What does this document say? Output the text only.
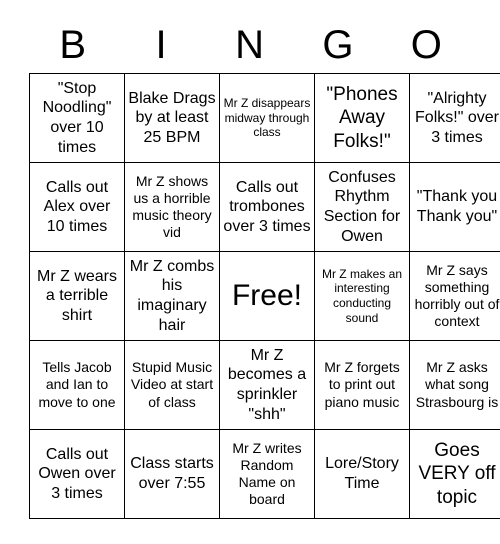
B	I	N	G	O
"Stop Noodling" over 10 times	Blake Drags by at least 25 BPM	Mr Z disappears midway through class	"Phones Away Folks!"	"Alrighty Folks!" over 3 times
Calls out Alex over 10 times	Mr Z shows us a horrible music theory vid	Calls out trombones over 3 times	Confuses Rhythm Section for Owen	"Thank you Thank you"
Mr Z wears a terrible shirt	Mr Z combs his imaginary hair	Free!	Mr Z makes an interesting conducting sound	Mr Z says something horribly out of context
Tells Jacob and Ian to move to one	Stupid Music Video at start of class	Mr Z becomes a sprinkler "shh"	Mr Z forgets to print out piano music	Mr Z asks what song Strasbourg is
Calls out Owen over 3 times	Class starts over 7:55	Mr Z writes Random Name on board	Lore/Story Time	Goes VERY off topic
